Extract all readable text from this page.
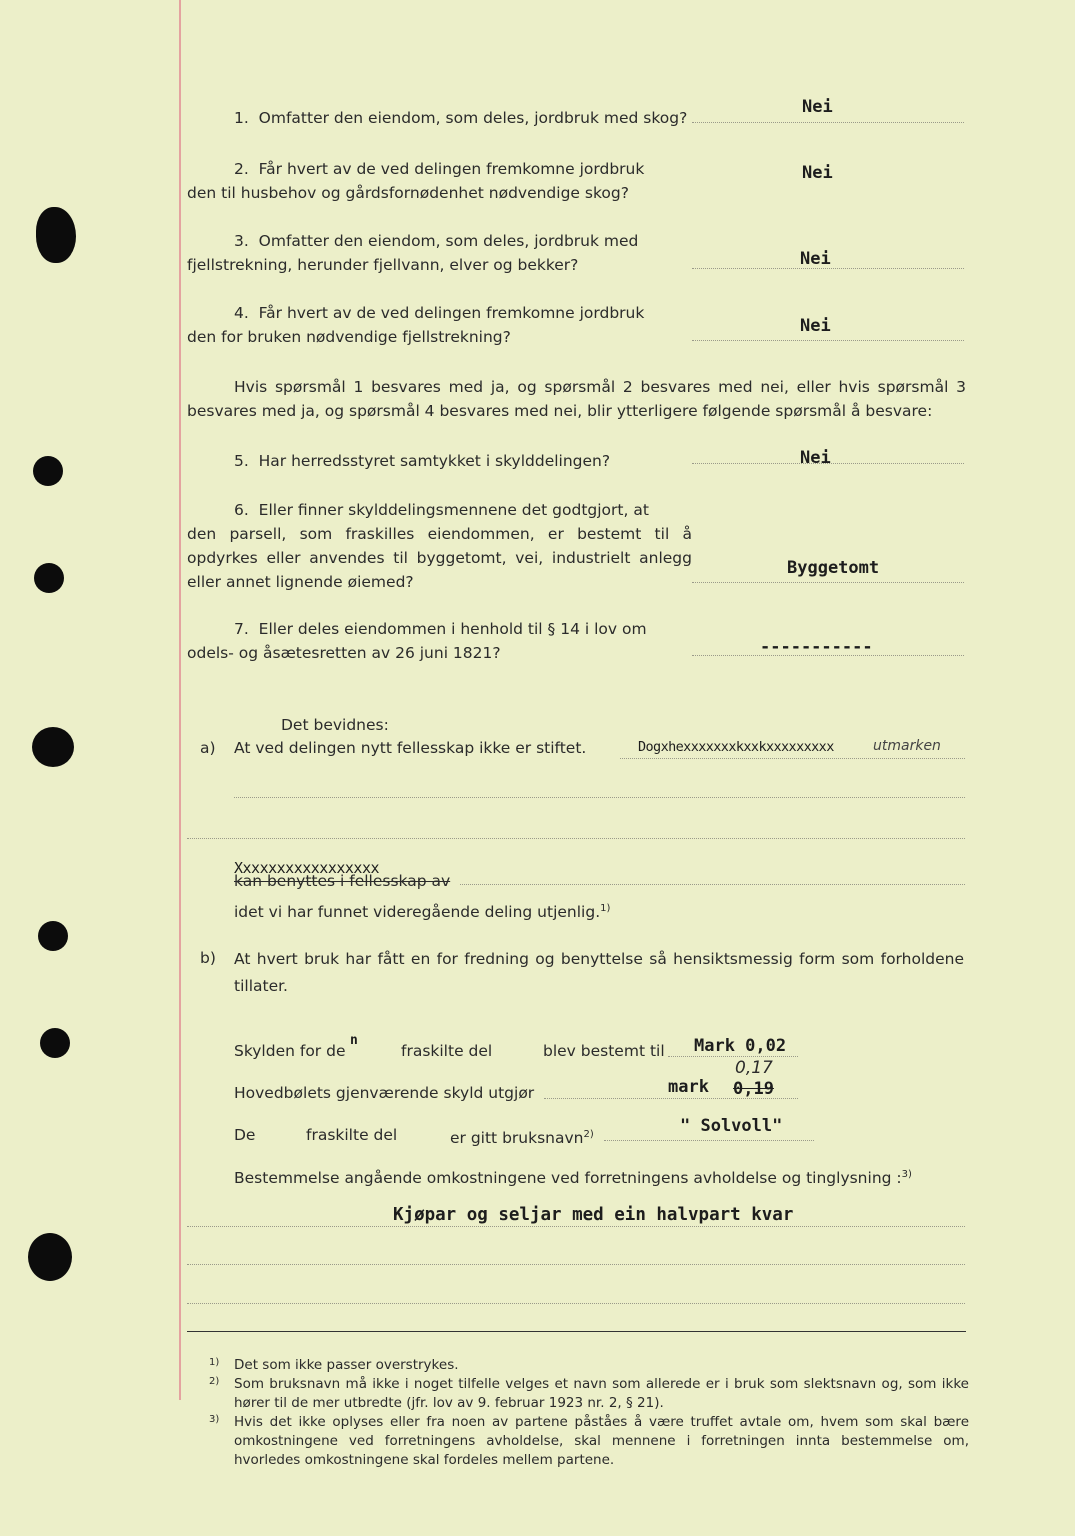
1. Omfatter den eiendom, som deles, jordbruk med skog?
Nei
2. Får hvert av de ved delingen fremkomne jordbruk
den til husbehov og gårdsfornødenhet nødvendige skog?
Nei
3. Omfatter den eiendom, som deles, jordbruk med
fjellstrekning, herunder fjellvann, elver og bekker?	Nei
4. Får hvert av de ved delingen fremkomne jordbruk
den for bruken nødvendige fjellstrekning?
Nei
Hvis spørsmål 1 besvares med ja, og spørsmål 2 besvares med nei, eller hvis spørsmål 3 besvares med ja, og spørsmål 4 besvares med nei, blir ytterligere følgende spørsmål å besvare:
5. Har herredsstyret samtykket i skylddelingen?	Nei
6. Eller finner skylddelingsmennene det godtgjort, at
den parsell, som fraskilles eiendommen, er bestemt til å opdyrkes eller anvendes til byggetomt, vei, industrielt anlegg eller annet lignende øiemed?
Byggetomt
7. Eller deles eiendommen i henhold til § 14 i lov om
odels- og åsætesretten av 26 juni 1821?	-----------
Det bevidnes:
a) At ved delingen nytt fellesskap ikke er stiftet.	Dogxhexxxxxxxkxxkxxxxxxxxx	utmarken
Xxxxxxxxxxxxxxxxx
kan benyttes i fellesskap av
idet vi har funnet videregående deling utjenlig.$^{1)}$
b) At hvert bruk har fått en for fredning og benyttelse så hensiktsmessig form som forholdene tillater.
Skylden for de
n
fraskilte del	blev bestemt til Mark 0,02
Hovedbølets gjenværende skyld utgjør
0,17
mark 0,19
De	fraskilte del	er gitt bruksnavn$^{2)}$	" Solvoll"
Bestemmelse angående omkostningene ved forretningens avholdelse og tinglysning :$^{3)}$
Kjøpar og seljar med ein halvpart kvar
1) Det som ikke passer overstrykes.
2) Som bruksnavn må ikke i noget tilfelle velges et navn som allerede er i bruk som slektsnavn og, som ikke hører til de mer utbredte (jfr. lov av 9. februar 1923 nr. 2, § 21).
3) Hvis det ikke oplyses eller fra noen av partene påståes å være truffet avtale om, hvem som skal bære omkostningene ved forretningens avholdelse, skal mennene i forretningen innta bestemmelse om, hvorledes omkostningene skal fordeles mellem partene.
